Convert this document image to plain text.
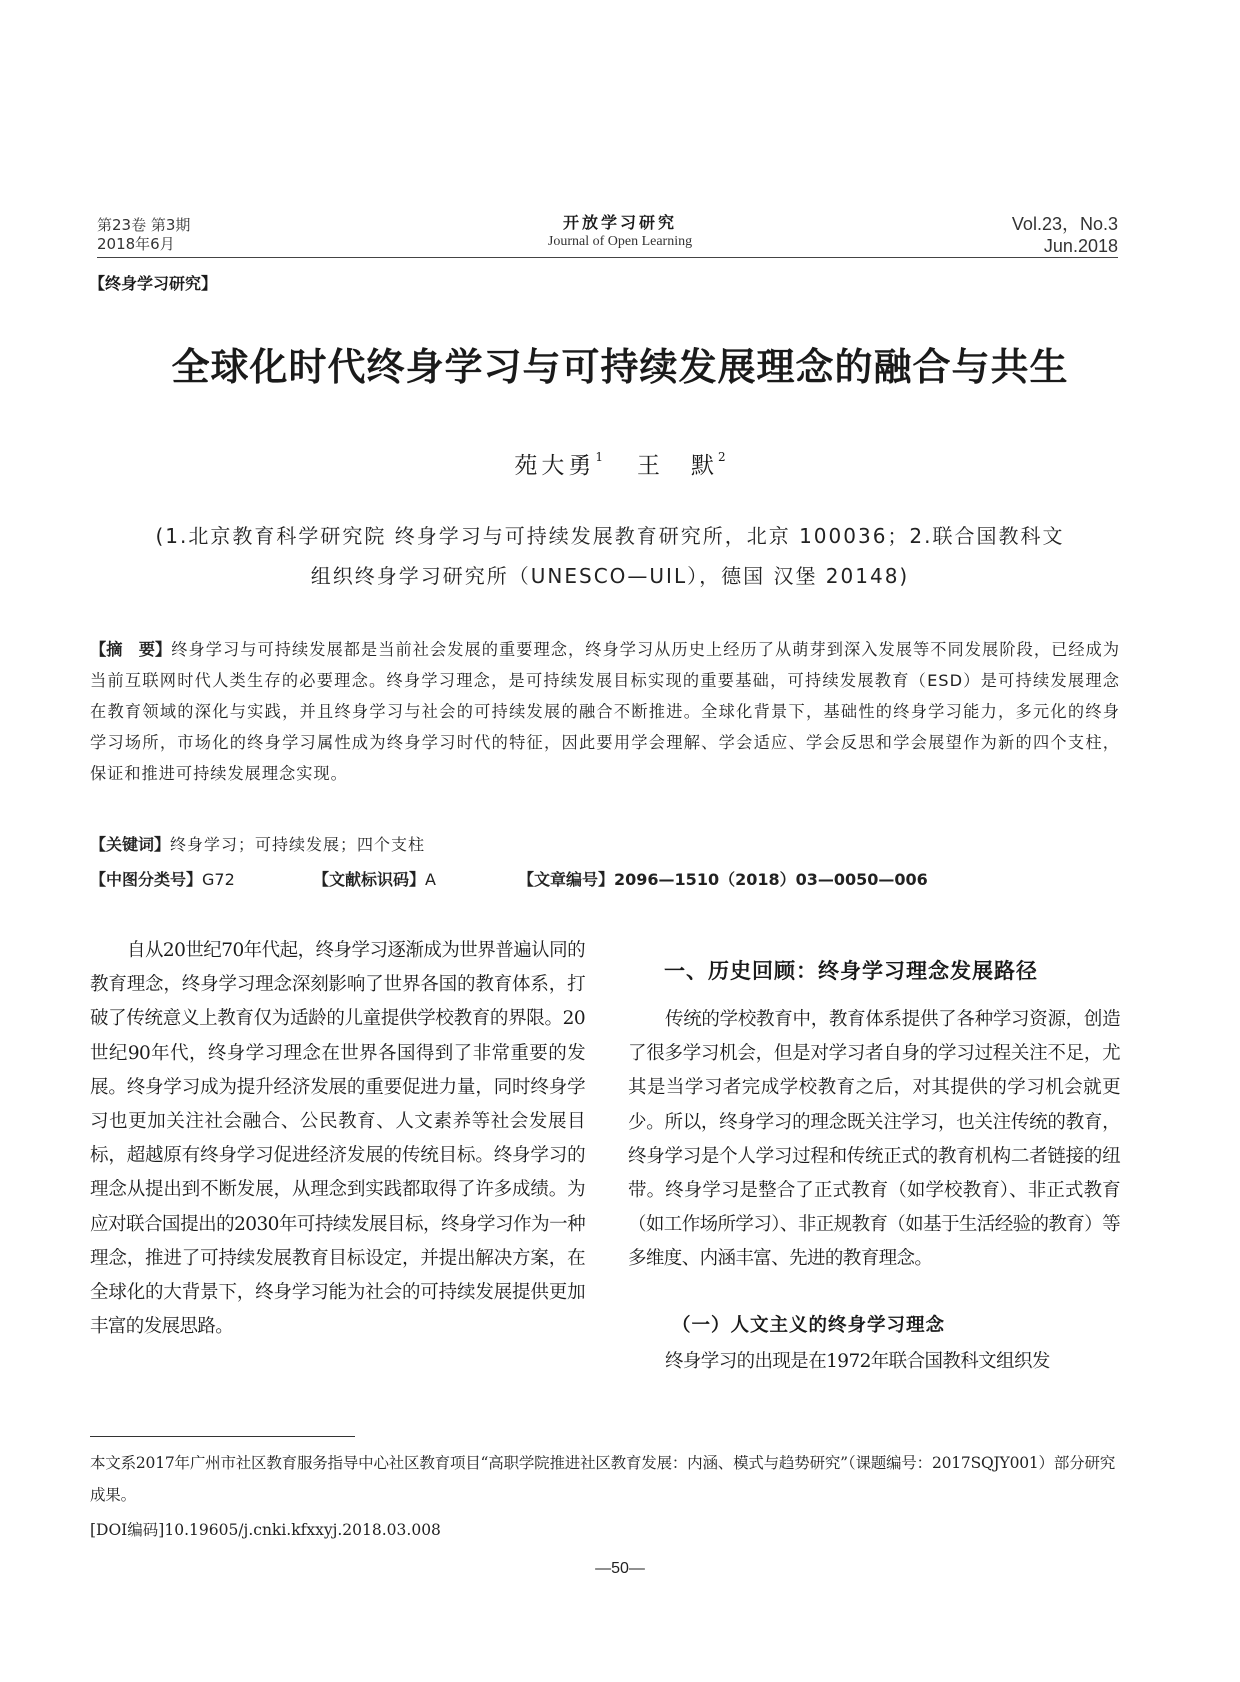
第23卷 第3期
2018年6月
开放学习研究
Journal of Open Learning
Vol.23，No.3
Jun.2018
【终身学习研究】
全球化时代终身学习与可持续发展理念的融合与共生
苑大勇$^1$ 王　默$^2$
(1.北京教育科学研究院 终身学习与可持续发展教育研究所，北京 100036；2.联合国教科文
组织终身学习研究所（UNESCO—UIL），德国 汉堡 20148)
【摘　要】终身学习与可持续发展都是当前社会发展的重要理念，终身学习从历史上经历了从萌芽到深入发展等不同发展阶段，已经成为当前互联网时代人类生存的必要理念。终身学习理念，是可持续发展目标实现的重要基础，可持续发展教育（ESD）是可持续发展理念在教育领域的深化与实践，并且终身学习与社会的可持续发展的融合不断推进。全球化背景下，基础性的终身学习能力，多元化的终身学习场所，市场化的终身学习属性成为终身学习时代的特征，因此要用学会理解、学会适应、学会反思和学会展望作为新的四个支柱，保证和推进可持续发展理念实现。
【关键词】终身学习；可持续发展；四个支柱
【中图分类号】G72	【文献标识码】A	【文章编号】2096—1510（2018）03—0050—006

自从20世纪70年代起，终身学习逐渐成为世界普遍认同的教育理念，终身学习理念深刻影响了世界各国的教育体系，打破了传统意义上教育仅为适龄的儿童提供学校教育的界限。20世纪90年代，终身学习理念在世界各国得到了非常重要的发展。终身学习成为提升经济发展的重要促进力量，同时终身学习也更加关注社会融合、公民教育、人文素养等社会发展目标，超越原有终身学习促进经济发展的传统目标。终身学习的理念从提出到不断发展，从理念到实践都取得了许多成绩。为应对联合国提出的2030年可持续发展目标，终身学习作为一种理念，推进了可持续发展教育目标设定，并提出解决方案，在全球化的大背景下，终身学习能为社会的可持续发展提供更加丰富的发展思路。

一、历史回顾：终身学习理念发展路径

传统的学校教育中，教育体系提供了各种学习资源，创造了很多学习机会，但是对学习者自身的学习过程关注不足，尤其是当学习者完成学校教育之后，对其提供的学习机会就更少。所以，终身学习的理念既关注学习，也关注传统的教育，终身学习是个人学习过程和传统正式的教育机构二者链接的纽带。终身学习是整合了正式教育（如学校教育）、非正式教育（如工作场所学习）、非正规教育（如基于生活经验的教育）等多维度、内涵丰富、先进的教育理念。

（一）人文主义的终身学习理念
终身学习的出现是在1972年联合国教科文组织发
本文系2017年广州市社区教育服务指导中心社区教育项目“高职学院推进社区教育发展：内涵、模式与趋势研究”（课题编号：2017SQJY001）部分研究成果。
[DOI编码]10.19605/j.cnki.kfxxyj.2018.03.008
—50—
